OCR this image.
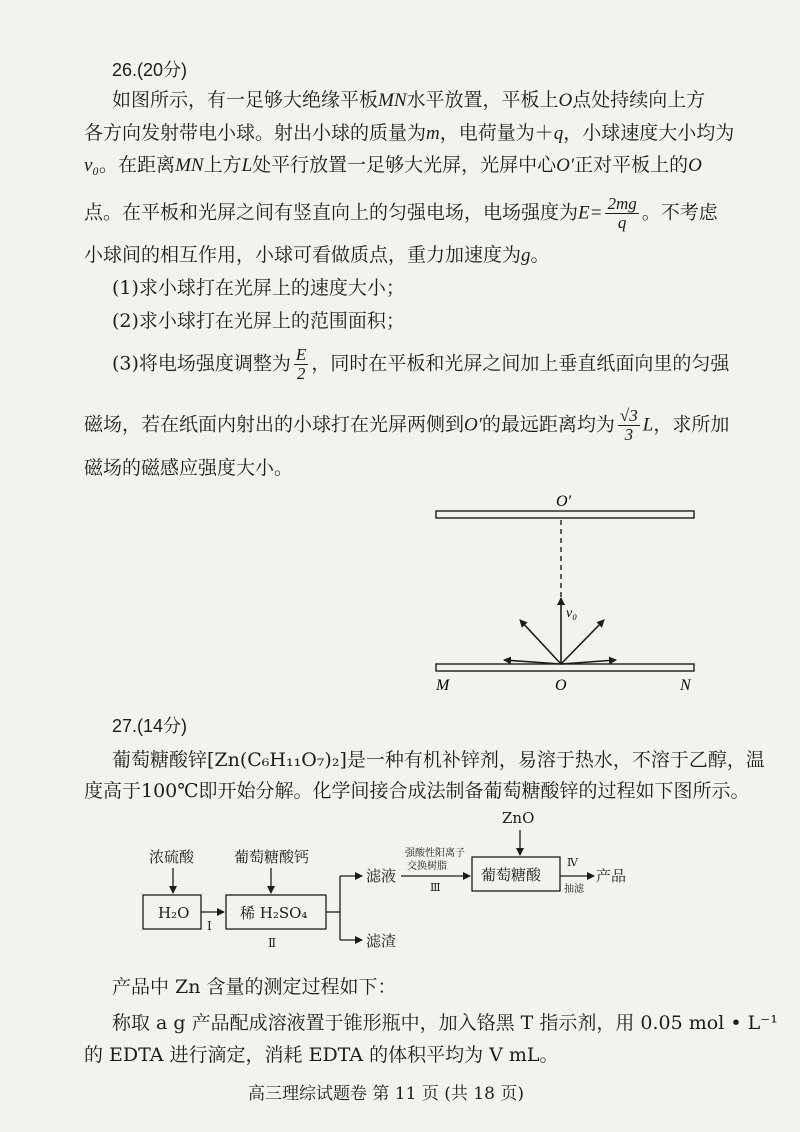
26.(20分)
如图所示，有一足够大绝缘平板MN水平放置，平板上O点处持续向上方
各方向发射带电小球。射出小球的质量为m，电荷量为＋q，小球速度大小均为
v₀。在距离MN上方L处平行放置一足够大光屏，光屏中心O′正对平板上的O
点。在平板和光屏之间有竖直向上的匀强电场，电场强度为$E= \frac{2mg}{q}$ 。不考虑
小球间的相互作用，小球可看做质点，重力加速度为g。
(1)求小球打在光屏上的速度大小；
(2)求小球打在光屏上的范围面积；
(3)将电场强度调整为 $\frac{E}{2}$ ，同时在平板和光屏之间加上垂直纸面向里的匀强
磁场，若在纸面内射出的小球打在光屏两侧到O′的最远距离均为 $\frac{√3}{3}$ L，求所加
磁场的磁感应强度大小。
O′
v₀
M	O	N
27.(14分)
葡萄糖酸锌[Zn(C₆H₁₁O₇)₂]是一种有机补锌剂，易溶于热水，不溶于乙醇，温
度高于100℃即开始分解。化学间接合成法制备葡萄糖酸锌的过程如下图所示。
ZnO
浓硫酸	葡萄糖酸钙
H₂O
Ⅰ
稀 H₂SO₄
Ⅱ
滤液
滤渣
强酸性阳离子
交换树脂
Ⅲ
葡萄糖酸
Ⅳ
抽滤
产品
产品中 Zn 含量的测定过程如下：
称取 a g 产品配成溶液置于锥形瓶中，加入铬黑 T 指示剂，用 0.05 mol • L⁻¹
的 EDTA 进行滴定，消耗 EDTA 的体积平均为 V mL。
高三理综试题卷 第 11 页 (共 18 页)
